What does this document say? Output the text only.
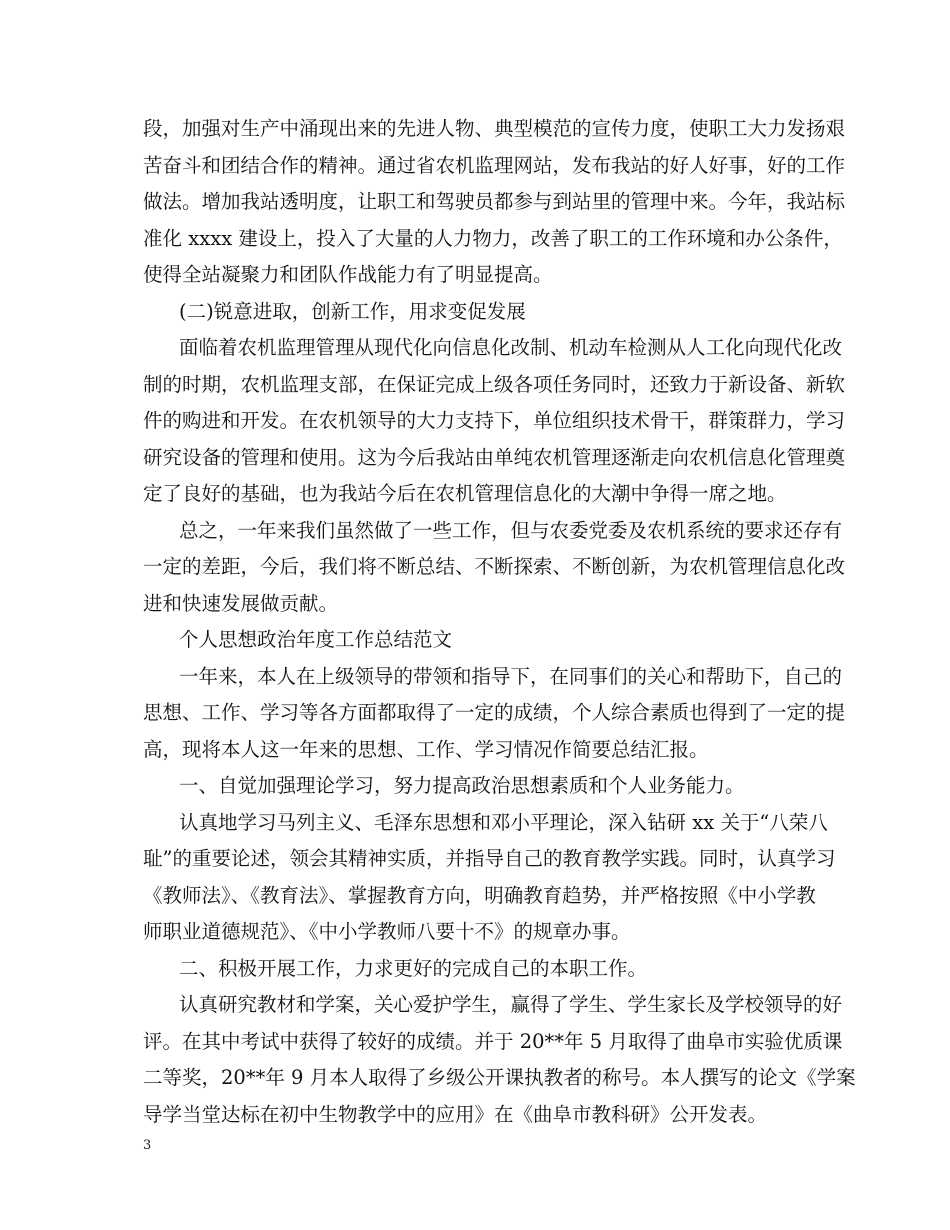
段，加强对生产中涌现出来的先进人物、典型模范的宣传力度，使职工大力发扬艰
苦奋斗和团结合作的精神。通过省农机监理网站，发布我站的好人好事，好的工作
做法。增加我站透明度，让职工和驾驶员都参与到站里的管理中来。今年，我站标
准化 xxxx 建设上，投入了大量的人力物力，改善了职工的工作环境和办公条件，
使得全站凝聚力和团队作战能力有了明显提高。
(二)锐意进取，创新工作，用求变促发展
面临着农机监理管理从现代化向信息化改制、机动车检测从人工化向现代化改
制的时期，农机监理支部，在保证完成上级各项任务同时，还致力于新设备、新软
件的购进和开发。在农机领导的大力支持下，单位组织技术骨干，群策群力，学习
研究设备的管理和使用。这为今后我站由单纯农机管理逐渐走向农机信息化管理奠
定了良好的基础，也为我站今后在农机管理信息化的大潮中争得一席之地。
总之，一年来我们虽然做了一些工作，但与农委党委及农机系统的要求还存有
一定的差距，今后，我们将不断总结、不断探索、不断创新，为农机管理信息化改
进和快速发展做贡献。
个人思想政治年度工作总结范文
一年来，本人在上级领导的带领和指导下，在同事们的关心和帮助下，自己的
思想、工作、学习等各方面都取得了一定的成绩，个人综合素质也得到了一定的提
高，现将本人这一年来的思想、工作、学习情况作简要总结汇报。
一、自觉加强理论学习，努力提高政治思想素质和个人业务能力。
认真地学习马列主义、毛泽东思想和邓小平理论，深入钻研 xx 关于“八荣八
耻”的重要论述，领会其精神实质，并指导自己的教育教学实践。同时，认真学习
《教师法》、《教育法》、掌握教育方向，明确教育趋势，并严格按照《中小学教
师职业道德规范》、《中小学教师八要十不》的规章办事。
二、积极开展工作，力求更好的完成自己的本职工作。
认真研究教材和学案，关心爱护学生，赢得了学生、学生家长及学校领导的好
评。在其中考试中获得了较好的成绩。并于 20**年 5 月取得了曲阜市实验优质课
二等奖，20**年 9 月本人取得了乡级公开课执教者的称号。本人撰写的论文《学案
导学当堂达标在初中生物教学中的应用》在《曲阜市教科研》公开发表。
3
